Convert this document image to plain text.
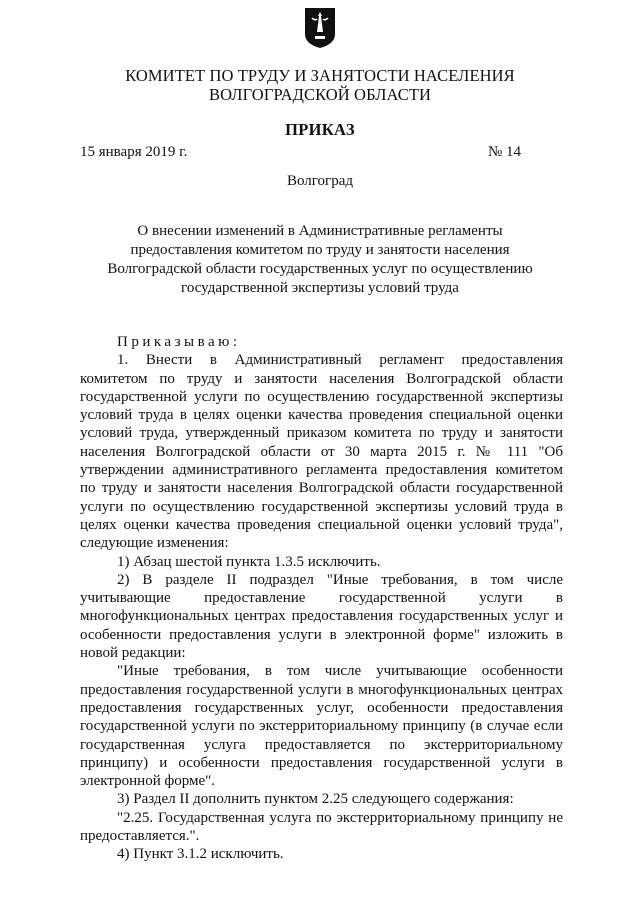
КОМИТЕТ ПО ТРУДУ И ЗАНЯТОСТИ НАСЕЛЕНИЯ
ВОЛГОГРАДСКОЙ ОБЛАСТИ
ПРИКАЗ
15 января 2019 г.	№ 14
Волгоград
О внесении изменений в Административные регламенты
предоставления комитетом по труду и занятости населения
Волгоградской области государственных услуг по осуществлению
государственной экспертизы условий труда

Приказываю:

1. Внести в Административный регламент предоставления комитетом по труду и занятости населения Волгоградской области государственной услуги по осуществлению государственной экспертизы условий труда в целях оценки качества проведения специальной оценки условий труда, утвержденный приказом комитета по труду и занятости населения Волгоградской области от 30 марта 2015 г. № 111 "Об утверждении административного регламента предоставления комитетом по труду и занятости населения Волгоградской области государственной услуги по осуществлению государственной экспертизы условий труда в целях оценки качества проведения специальной оценки условий труда", следующие изменения:

1) Абзац шестой пункта 1.3.5 исключить.

2) В разделе II подраздел "Иные требования, в том числе учитывающие предоставление государственной услуги в многофункциональных центрах предоставления государственных услуг и особенности предоставления услуги в электронной форме" изложить в новой редакции:

"Иные требования, в том числе учитывающие особенности предоставления государственной услуги в многофункциональных центрах предоставления государственных услуг, особенности предоставления государственной услуги по экстерриториальному принципу (в случае если государственная услуга предоставляется по экстерриториальному принципу) и особенности предоставления государственной услуги в электронной форме".

3) Раздел II дополнить пунктом 2.25 следующего содержания:

"2.25. Государственная услуга по экстерриториальному принципу не предоставляется.".

4) Пункт 3.1.2 исключить.
